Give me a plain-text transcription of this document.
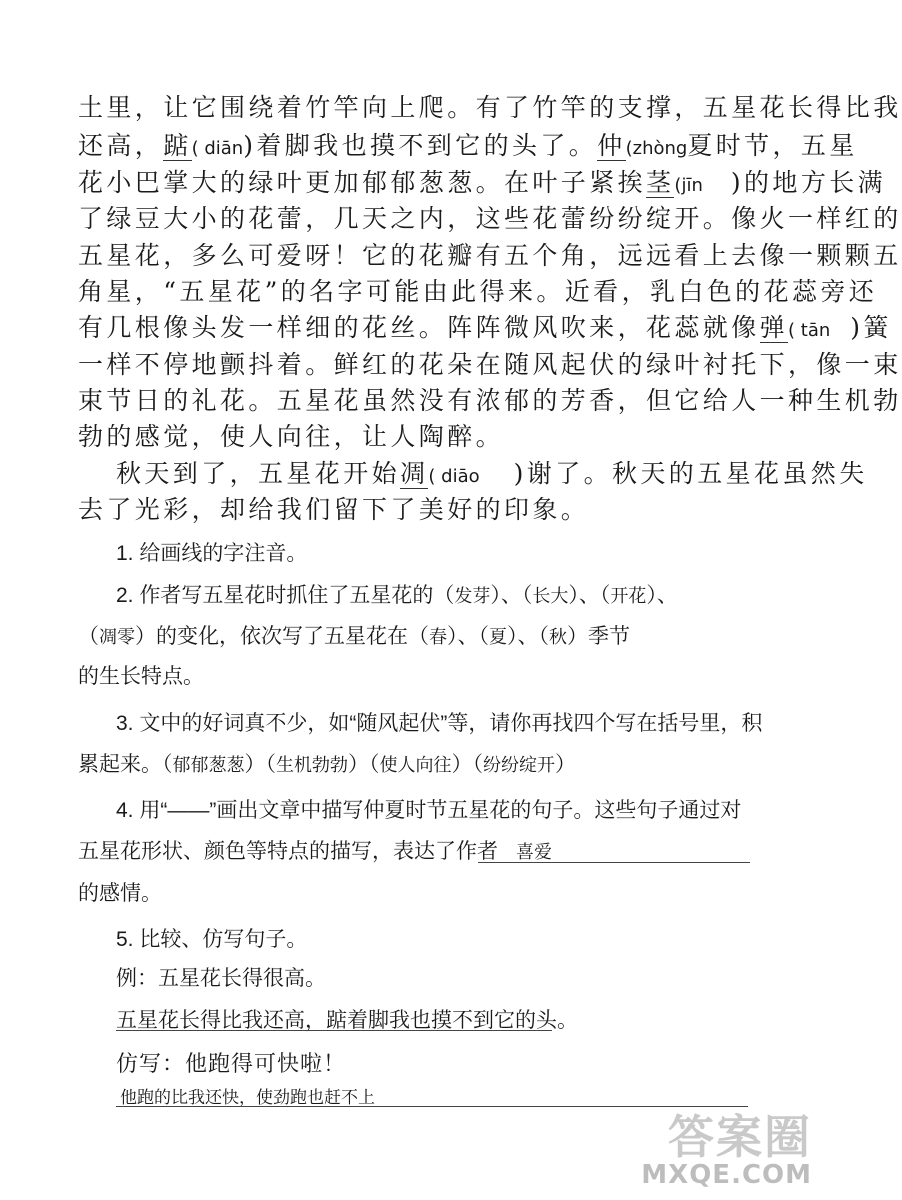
土里，让它围绕着竹竿向上爬。有了竹竿的支撑，五星花长得比我
还高，踮( diān)着脚我也摸不到它的头了。仲(zhòng夏时节，五星
花小巴掌大的绿叶更加郁郁葱葱。在叶子紧挨茎(jīn )的地方长满
了绿豆大小的花蕾，几天之内，这些花蕾纷纷绽开。像火一样红的
五星花，多么可爱呀！它的花瓣有五个角，远远看上去像一颗颗五
角星，“五星花”的名字可能由此得来。近看，乳白色的花蕊旁还
有几根像头发一样细的花丝。阵阵微风吹来，花蕊就像弹( tān )簧
一样不停地颤抖着。鲜红的花朵在随风起伏的绿叶衬托下，像一束
束节日的礼花。五星花虽然没有浓郁的芳香，但它给人一种生机勃
勃的感觉，使人向往，让人陶醉。
秋天到了，五星花开始凋( diāo )谢了。秋天的五星花虽然失
去了光彩，却给我们留下了美好的印象。
1. 给画线的字注音。
2. 作者写五星花时抓住了五星花的（发芽）、（长大）、（开花）、
（凋零）的变化，依次写了五星花在（春）、（夏）、（秋）季节
的生长特点。
3. 文中的好词真不少，如“随风起伏”等，请你再找四个写在括号里，积
累起来。（郁郁葱葱）（生机勃勃）（使人向往）（纷纷绽开）
4. 用“——”画出文章中描写仲夏时节五星花的句子。这些句子通过对
五星花形状、颜色等特点的描写，表达了作者 喜爱
的感情。
5. 比较、仿写句子。
例：五星花长得很高。
五星花长得比我还高，踮着脚我也摸不到它的头。
仿写：他跑得可快啦！
他跑的比我还快，使劲跑也赶不上
答案圈
MXQE.COM
